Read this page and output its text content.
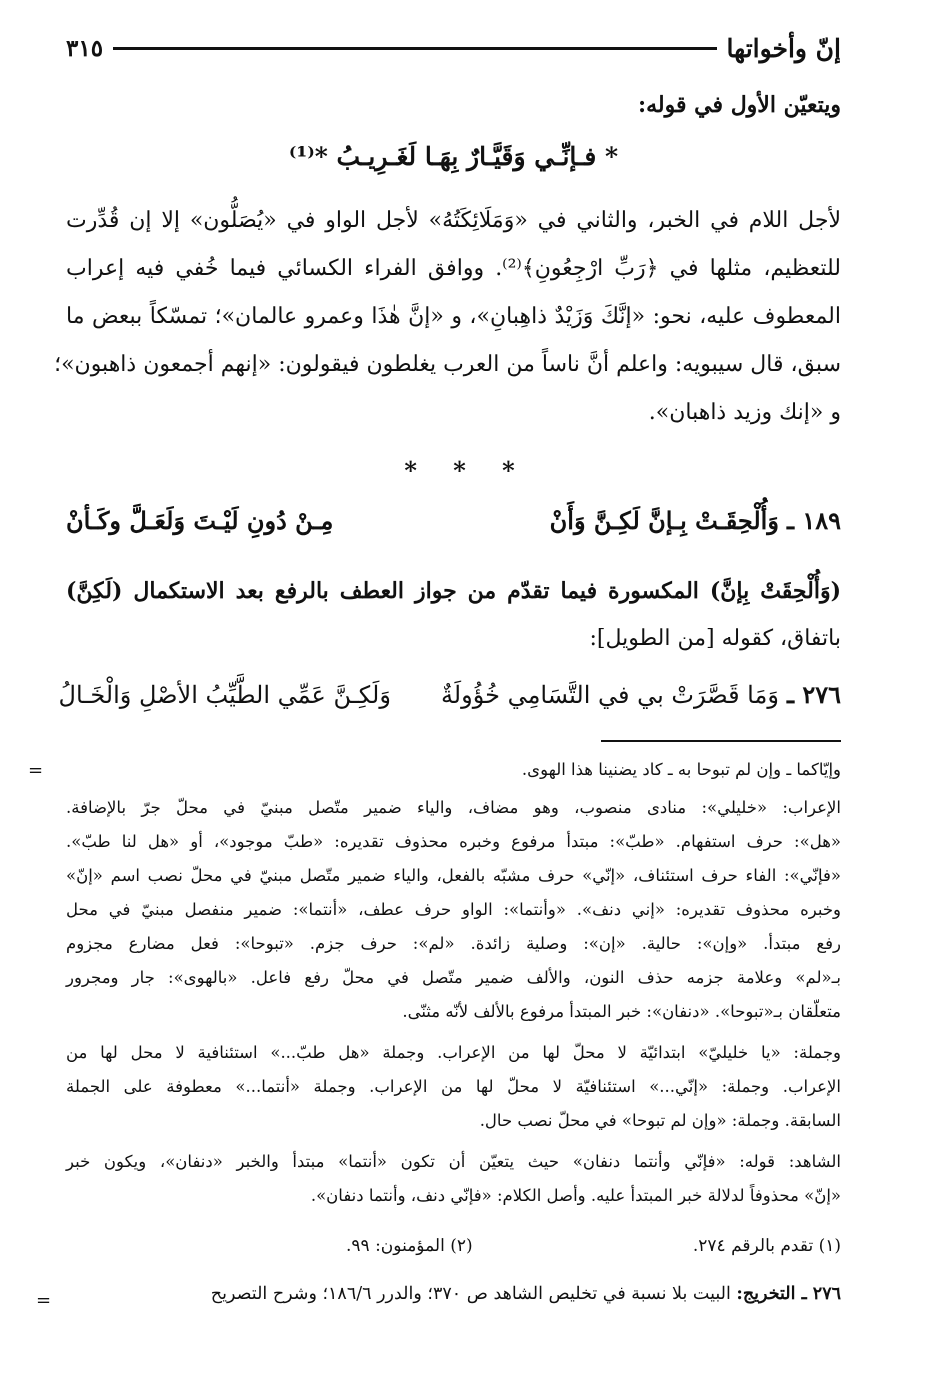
إنّ وأخواتها
٣١٥
ويتعيّن الأول في قوله:
* فـإنِّـي وَقَيَّـارٌ بِهَـا لَغَـرِيـبُ *⁽¹⁾
لأجل اللام في الخبر، والثاني في «وَمَلَائِكَتُهُ» لأجل الواو في «يُصَلُّون» إلا إن قُدِّرت
للتعظيم، مثلها في ﴿رَبِّ ارْجِعُونِ﴾⁽²⁾. ووافق الفراء الكسائي فيما خُفي فيه إعراب
المعطوف عليه، نحو: «إنَّكَ وَزَيْدٌ ذاهِبانِ»، و «إنَّ هٰذَا وعمرو عالمان»؛ تمسّكاً ببعض ما
سبق، قال سيبويه: واعلم أنَّ ناساً من العرب يغلطون فيقولون: «إنهم أجمعون ذاهبون»؛
و «إنك وزيد ذاهبان».
* * *
١٨٩ ـ
وَأُلْحِقَـتْ بِـإنَّ لَكِـنَّ وَأَنْ
مِـنْ دُونِ لَيْـتَ وَلَعَـلَّ وكَـأنْ
(وَأُلْحِقَتْ بِإنَّ) المكسورة فيما تقدّم من جواز العطف بالرفع بعد الاستكمال (لَكِنَّ)
باتفاق، كقوله [من الطويل]:
٢٧٦ ـ
وَمَا قَصَّرَتْ بي في التَّسَامِي خُؤُولَةٌ
وَلَكِـنَّ عَمِّي الطَّيِّبُ الأصْلِ وَالْخَـالُ
=	وإيّاكما ـ وإن لم تبوحا به ـ كاد يضنينا هذا الهوى.
الإعراب: «خليلي»: منادى منصوب، وهو مضاف، والياء ضمير متّصل مبنيّ في محلّ جرّ بالإضافة.
«هل»: حرف استفهام. «طبّ»: مبتدأ مرفوع وخبره محذوف تقديره: «طبّ موجود»، أو «هل لنا طبّ».
«فإنّي»: الفاء حرف استئناف، «إنّي» حرف مشبّه بالفعل، والياء ضمير متّصل مبنيّ في محلّ نصب اسم «إنّ»
وخبره محذوف تقديره: «إني دنف». «وأنتما»: الواو حرف عطف، «أنتما»: ضمير منفصل مبنيّ في محل
رفع مبتدأ. «وإن»: حالية. «إن»: وصلية زائدة. «لم»: حرف جزم. «تبوحا»: فعل مضارع مجزوم
بـ«لم» وعلامة جزمه حذف النون، والألف ضمير متّصل في محلّ رفع فاعل. «بالهوى»: جار ومجرور
متعلّقان بـ«تبوحا». «دنفان»: خبر المبتدأ مرفوع بالألف لأنّه مثنّى.
وجملة: «يا خليليّ» ابتدائيّة لا محلّ لها من الإعراب. وجملة «هل طبّ...» استئنافية لا محل لها من
الإعراب. وجملة: «إنّي...» استئنافيّة لا محلّ لها من الإعراب. وجملة «أنتما...» معطوفة على الجملة
السابقة. وجملة: «وإن لم تبوحا» في محلّ نصب حال.
الشاهد: قوله: «فإنّي وأنتما دنفان» حيث يتعيّن أن تكون «أنتما» مبتدأ والخبر «دنفان»، ويكون خبر
«إنّ» محذوفاً لدلالة خبر المبتدأ عليه. وأصل الكلام: «فإنّي دنف، وأنتما دنفان».
(١) تقدم بالرقم ٢٧٤.
(٢) المؤمنون: ٩٩.
٢٧٦ ـ التخريج: البيت بلا نسبة في تخليص الشاهد ص ٣٧٠؛ والدرر ١٨٦/٦؛ وشرح التصريح
=
